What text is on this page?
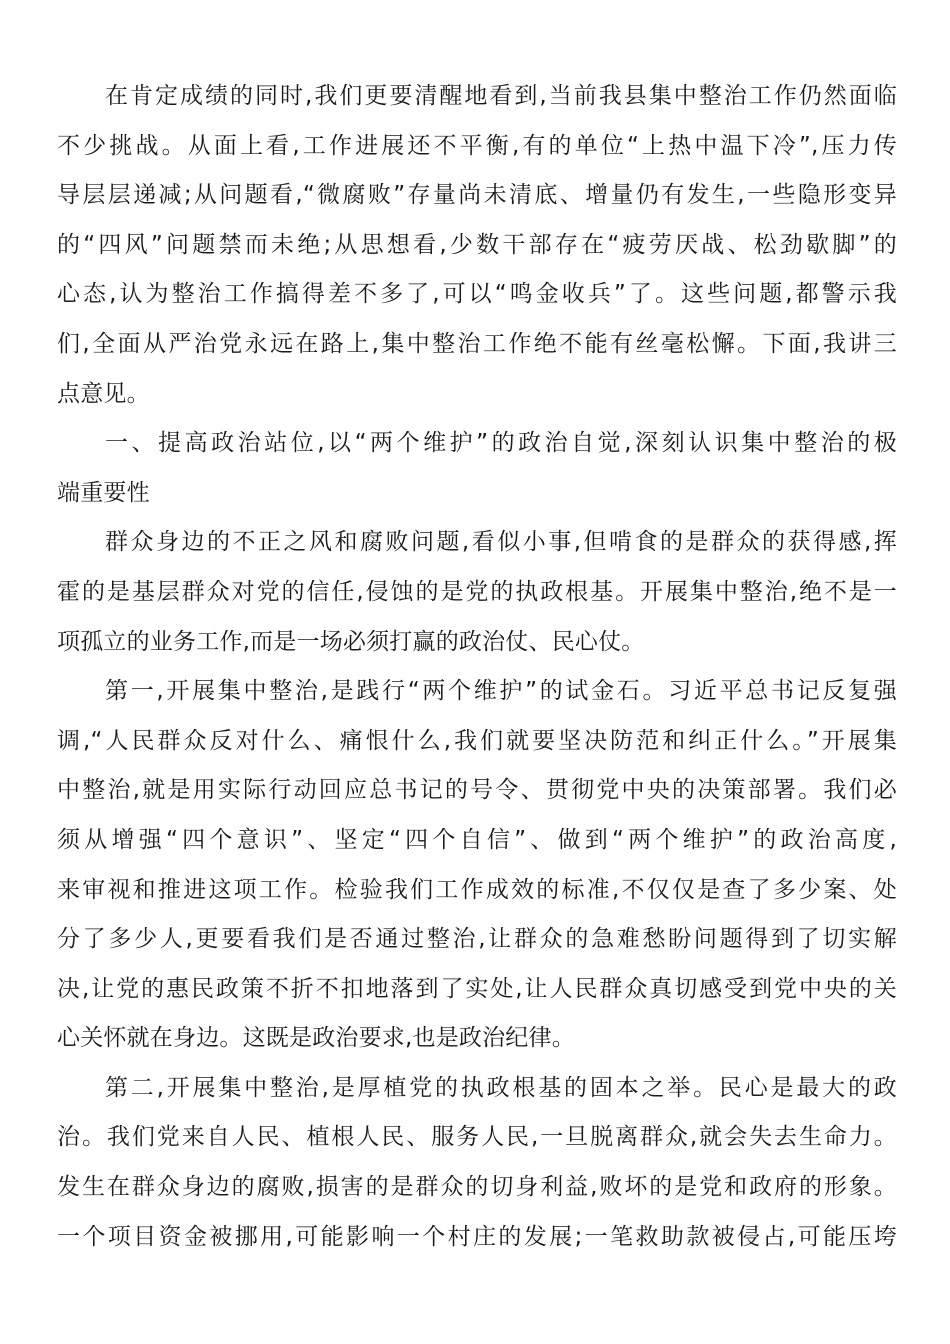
在肯定成绩的同时,我们更要清醒地看到,当前我县集中整治工作仍然面临
不少挑战。从面上看,工作进展还不平衡,有的单位“上热中温下冷”,压力传
导层层递减;从问题看,“微腐败”存量尚未清底、增量仍有发生,一些隐形变异
的“四风”问题禁而未绝;从思想看,少数干部存在“疲劳厌战、松劲歇脚”的
心态,认为整治工作搞得差不多了,可以“鸣金收兵”了。这些问题,都警示我
们,全面从严治党永远在路上,集中整治工作绝不能有丝毫松懈。下面,我讲三
点意见。
一、提高政治站位,以“两个维护”的政治自觉,深刻认识集中整治的极
端重要性
群众身边的不正之风和腐败问题,看似小事,但啃食的是群众的获得感,挥
霍的是基层群众对党的信任,侵蚀的是党的执政根基。开展集中整治,绝不是一
项孤立的业务工作,而是一场必须打赢的政治仗、民心仗。
第一,开展集中整治,是践行“两个维护”的试金石。习近平总书记反复强
调,“人民群众反对什么、痛恨什么,我们就要坚决防范和纠正什么。”开展集
中整治,就是用实际行动回应总书记的号令、贯彻党中央的决策部署。我们必
须从增强“四个意识”、坚定“四个自信”、做到“两个维护”的政治高度,
来审视和推进这项工作。检验我们工作成效的标准,不仅仅是查了多少案、处
分了多少人,更要看我们是否通过整治,让群众的急难愁盼问题得到了切实解
决,让党的惠民政策不折不扣地落到了实处,让人民群众真切感受到党中央的关
心关怀就在身边。这既是政治要求,也是政治纪律。
第二,开展集中整治,是厚植党的执政根基的固本之举。民心是最大的政
治。我们党来自人民、植根人民、服务人民,一旦脱离群众,就会失去生命力。
发生在群众身边的腐败,损害的是群众的切身利益,败坏的是党和政府的形象。
一个项目资金被挪用,可能影响一个村庄的发展;一笔救助款被侵占,可能压垮
